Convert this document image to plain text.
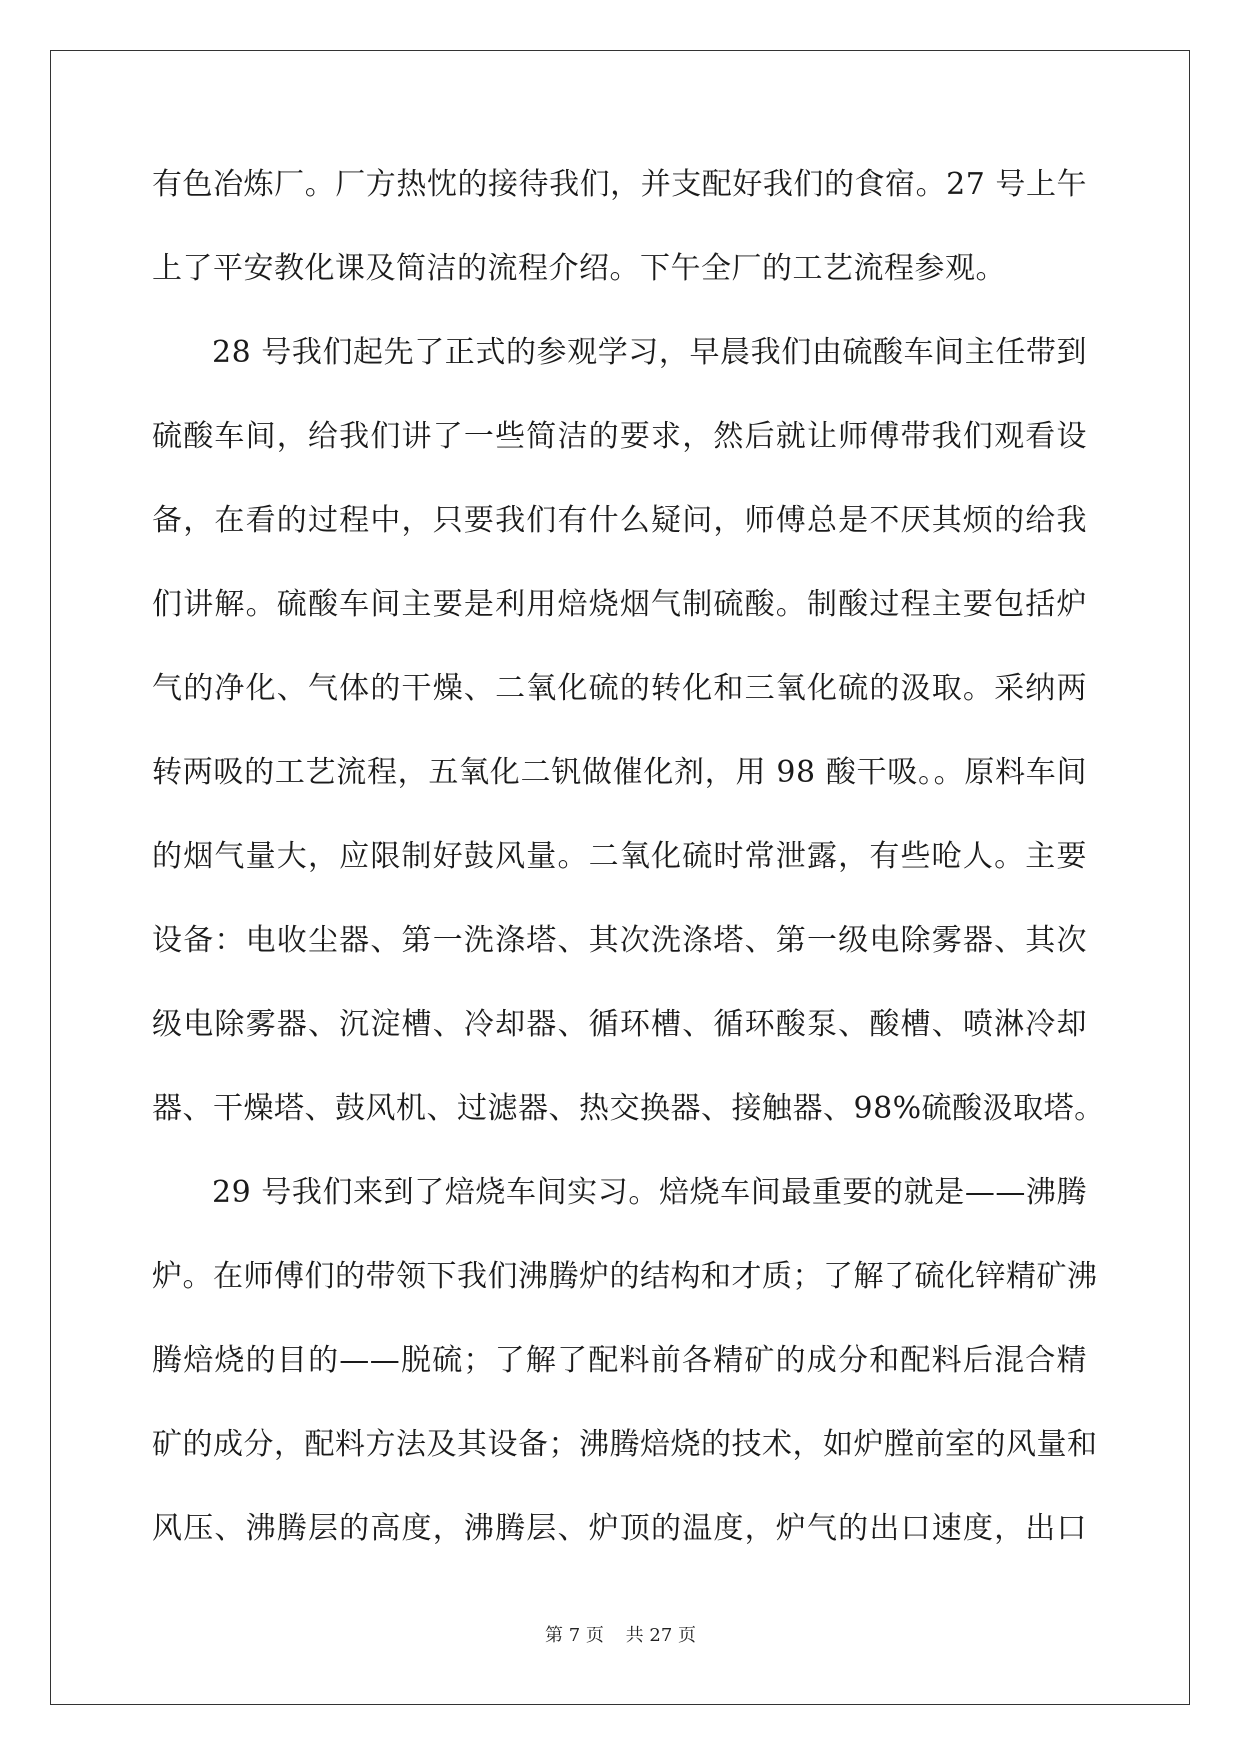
有色冶炼厂。厂方热忱的接待我们，并支配好我们的食宿。27 号上午
上了平安教化课及简洁的流程介绍。下午全厂的工艺流程参观。
28 号我们起先了正式的参观学习，早晨我们由硫酸车间主任带到
硫酸车间，给我们讲了一些简洁的要求，然后就让师傅带我们观看设
备，在看的过程中，只要我们有什么疑问，师傅总是不厌其烦的给我
们讲解。硫酸车间主要是利用焙烧烟气制硫酸。制酸过程主要包括炉
气的净化、气体的干燥、二氧化硫的转化和三氧化硫的汲取。采纳两
转两吸的工艺流程，五氧化二钒做催化剂，用 98 酸干吸。。原料车间
的烟气量大，应限制好鼓风量。二氧化硫时常泄露，有些呛人。主要
设备：电收尘器、第一洗涤塔、其次洗涤塔、第一级电除雾器、其次
级电除雾器、沉淀槽、冷却器、循环槽、循环酸泵、酸槽、喷淋冷却
器、干燥塔、鼓风机、过滤器、热交换器、接触器、98%硫酸汲取塔。
29 号我们来到了焙烧车间实习。焙烧车间最重要的就是——沸腾
炉。在师傅们的带领下我们沸腾炉的结构和才质；了解了硫化锌精矿沸
腾焙烧的目的——脱硫；了解了配料前各精矿的成分和配料后混合精
矿的成分，配料方法及其设备；沸腾焙烧的技术，如炉膛前室的风量和
风压、沸腾层的高度，沸腾层、炉顶的温度，炉气的出口速度，出口
第 7 页 共 27 页
